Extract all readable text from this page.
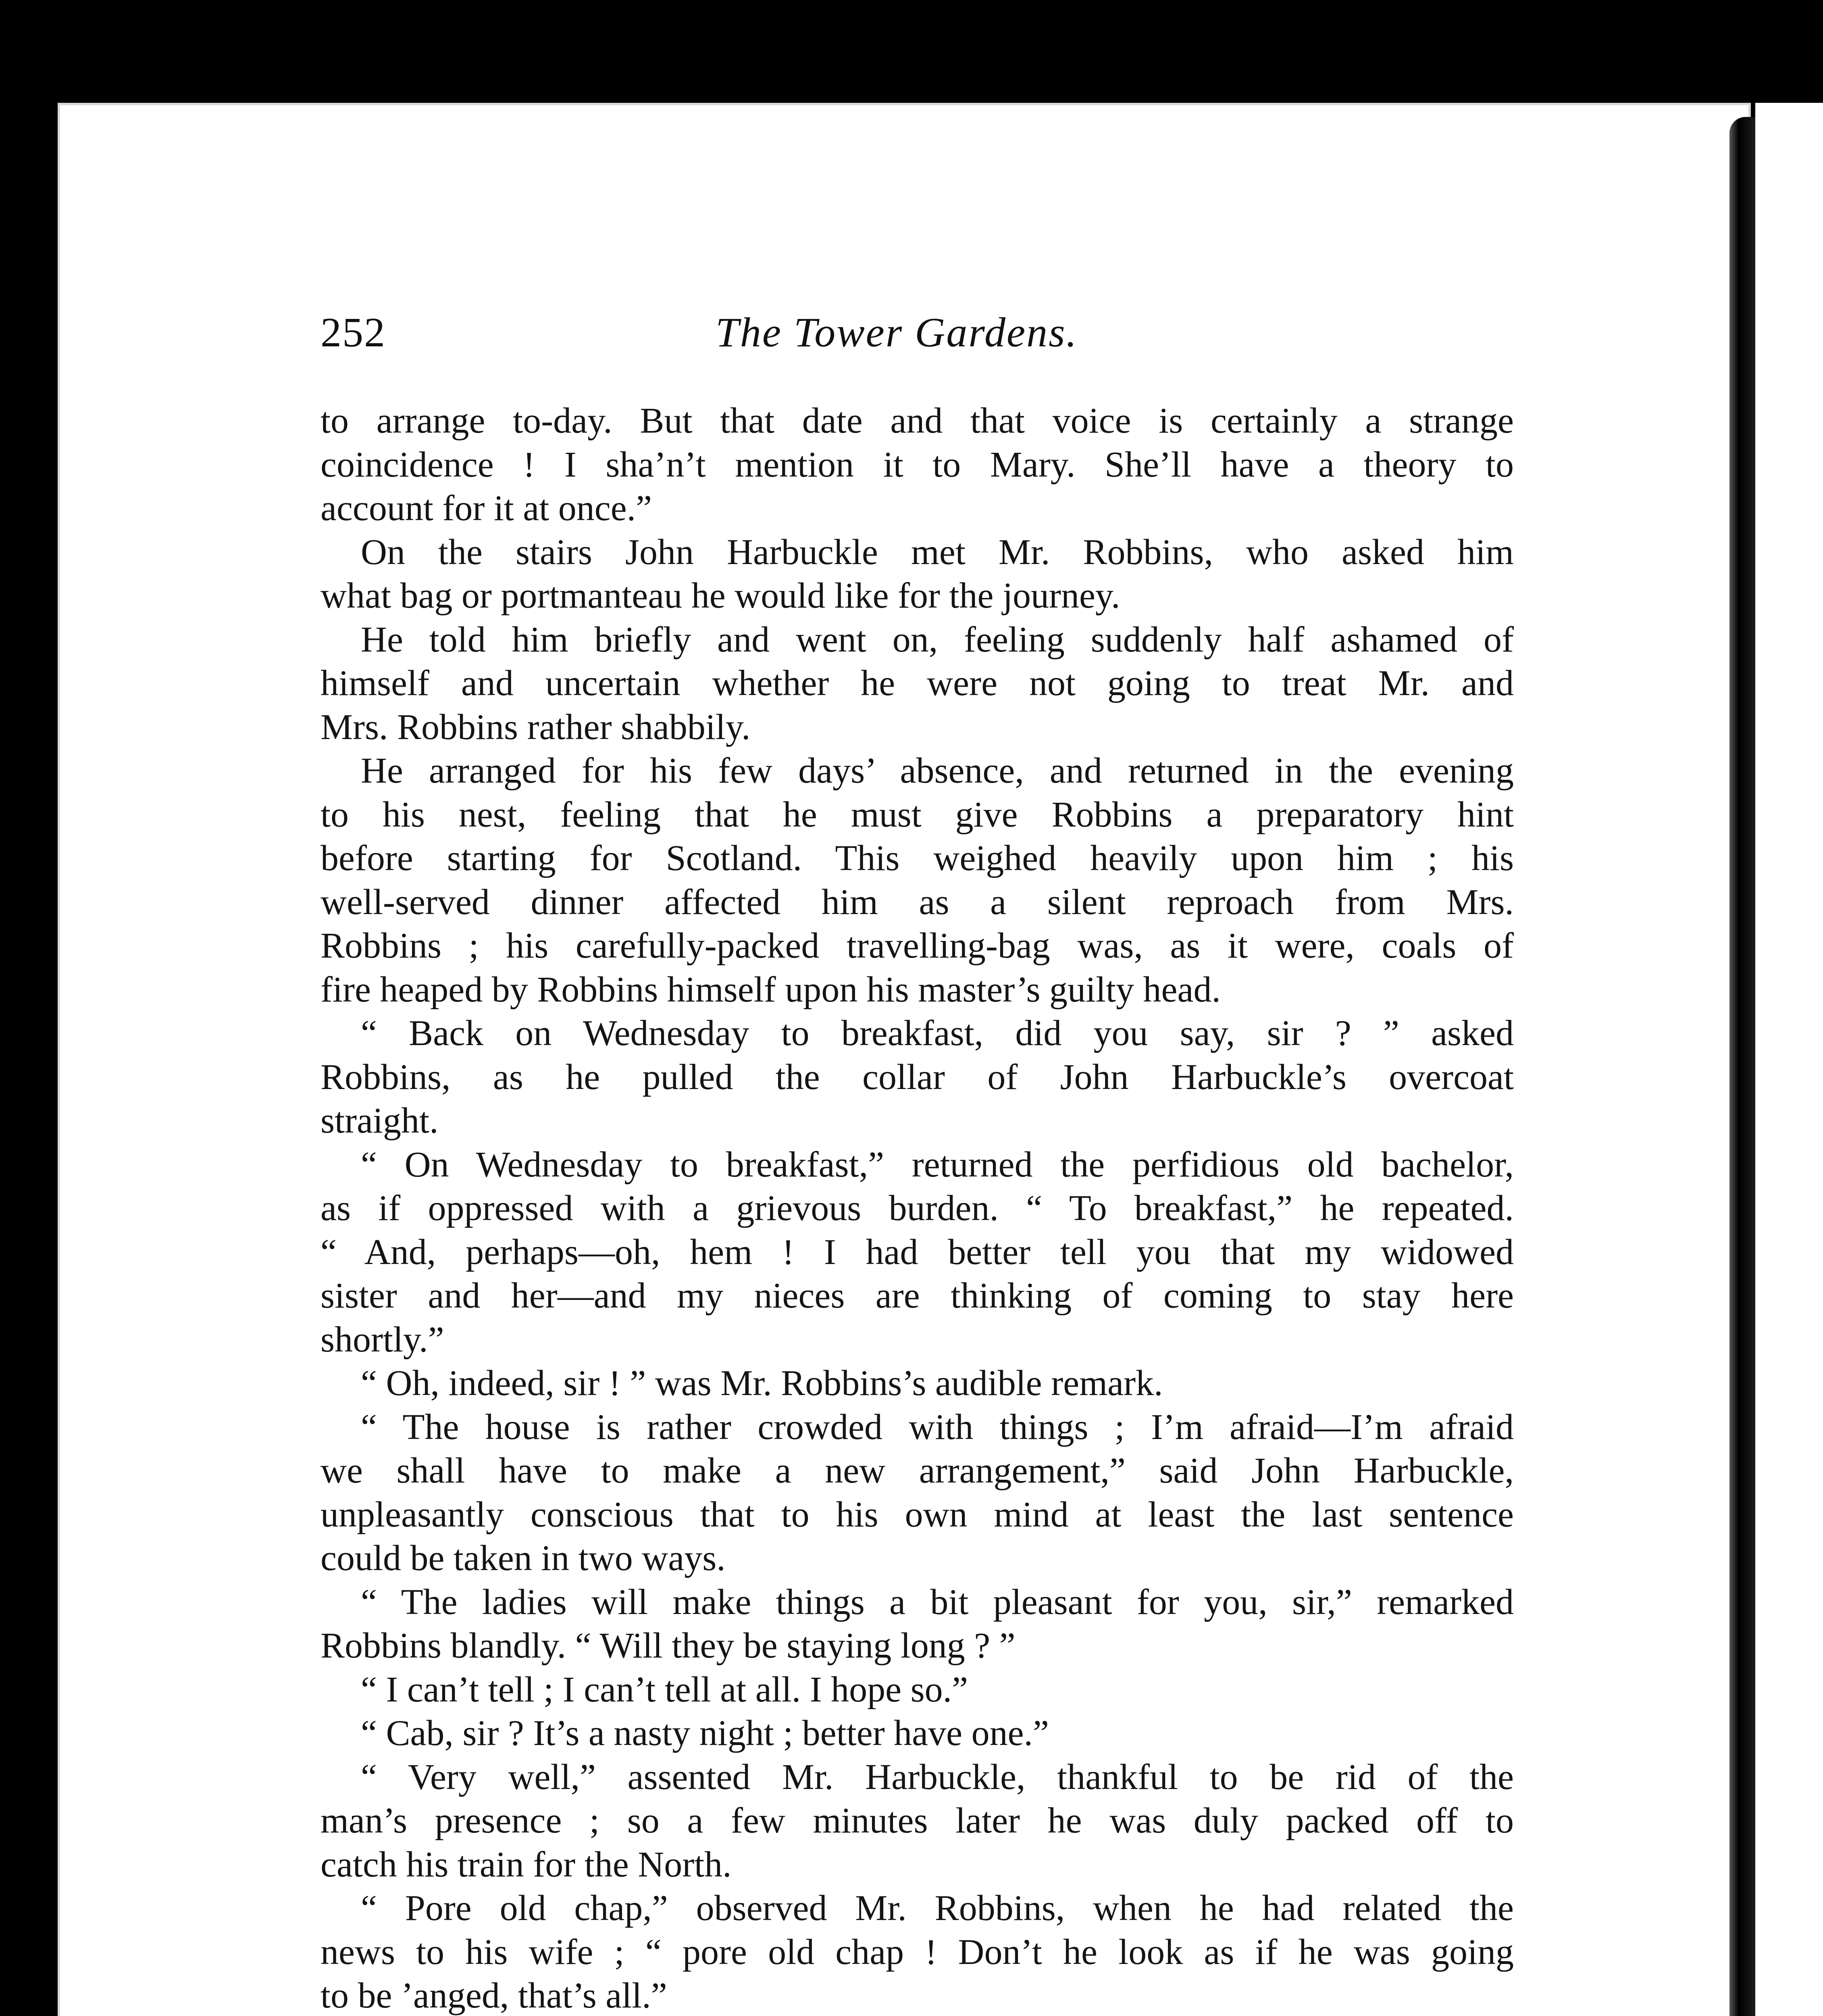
252	The Tower Gardens.
to arrange to-day. But that date and that voice is certainly a strange
coincidence ! I sha’n’t mention it to Mary. She’ll have a theory to
account for it at once.”
On the stairs John Harbuckle met Mr. Robbins, who asked him
what bag or portmanteau he would like for the journey.
He told him briefly and went on, feeling suddenly half ashamed of
himself and uncertain whether he were not going to treat Mr. and
Mrs. Robbins rather shabbily.
He arranged for his few days’ absence, and returned in the evening
to his nest, feeling that he must give Robbins a preparatory hint
before starting for Scotland. This weighed heavily upon him ; his
well-served dinner affected him as a silent reproach from Mrs.
Robbins ; his carefully-packed travelling-bag was, as it were, coals of
fire heaped by Robbins himself upon his master’s guilty head.
“ Back on Wednesday to breakfast, did you say, sir ? ” asked
Robbins, as he pulled the collar of John Harbuckle’s overcoat
straight.
“ On Wednesday to breakfast,” returned the perfidious old bachelor,
as if oppressed with a grievous burden. “ To breakfast,” he repeated.
“ And, perhaps—oh, hem ! I had better tell you that my widowed
sister and her—and my nieces are thinking of coming to stay here
shortly.”
“ Oh, indeed, sir ! ” was Mr. Robbins’s audible remark.
“ The house is rather crowded with things ; I’m afraid—I’m afraid
we shall have to make a new arrangement,” said John Harbuckle,
unpleasantly conscious that to his own mind at least the last sentence
could be taken in two ways.
“ The ladies will make things a bit pleasant for you, sir,” remarked
Robbins blandly. “ Will they be staying long ? ”
“ I can’t tell ; I can’t tell at all. I hope so.”
“ Cab, sir ? It’s a nasty night ; better have one.”
“ Very well,” assented Mr. Harbuckle, thankful to be rid of the
man’s presence ; so a few minutes later he was duly packed off to
catch his train for the North.
“ Pore old chap,” observed Mr. Robbins, when he had related the
news to his wife ; “ pore old chap ! Don’t he look as if he was going
to be ’anged, that’s all.”
